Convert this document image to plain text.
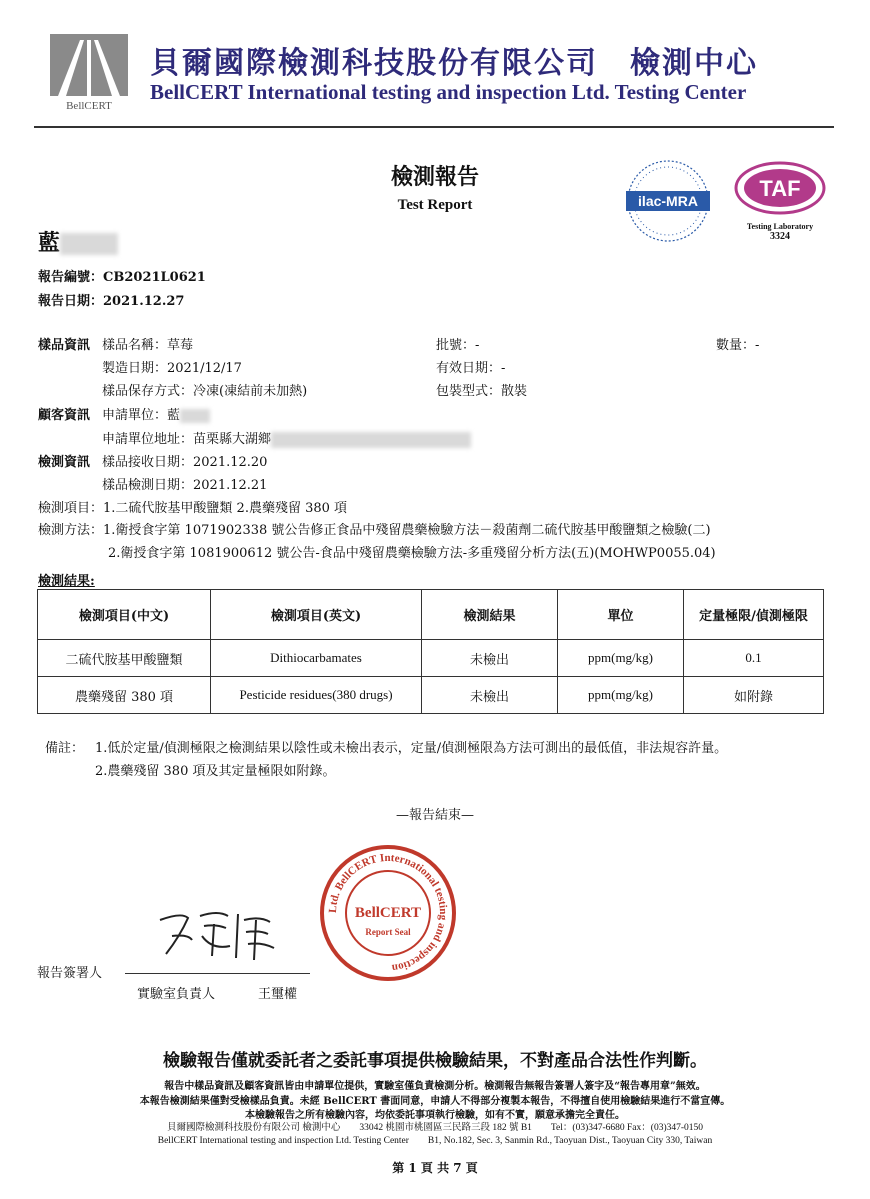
BellCERT
貝爾國際檢測科技股份有限公司　檢測中心
BellCERT International testing and inspection Ltd. Testing Center
檢測報告
Test Report	ilac-MRA	TAF
Testing Laboratory
3324
藍
報告編號：CB2021L0621
報告日期：2021.12.27
樣品資訊 樣品名稱：草莓	批號：-	數量：-
製造日期：2021/12/17	有效日期：-
樣品保存方式：冷凍(凍結前未加熱)	包裝型式：散裝
顧客資訊 申請單位：藍
申請單位地址：苗栗縣大湖鄉
檢測資訊 樣品接收日期：2021.12.20
樣品檢測日期：2021.12.21
檢測項目：1.二硫代胺基甲酸鹽類 2.農藥殘留 380 項
檢測方法：1.衛授食字第 1071902338 號公告修正食品中殘留農藥檢驗方法－殺菌劑二硫代胺基甲酸鹽類之檢驗(二)
2.衛授食字第 1081900612 號公告-食品中殘留農藥檢驗方法-多重殘留分析方法(五)(MOHWP0055.04)
檢測結果:
檢測項目(中文)	檢測項目(英文)	檢測結果	單位	定量極限/偵測極限
二硫代胺基甲酸鹽類	Dithiocarbamates	未檢出	ppm(mg/kg)	0.1
農藥殘留 380 項	Pesticide residues(380 drugs)	未檢出	ppm(mg/kg)	如附錄
備註： 1.低於定量/偵測極限之檢測結果以陰性或未檢出表示，定量/偵測極限為方法可測出的最低值，非法規容許量。
2.農藥殘留 380 項及其定量極限如附錄。
—報告結束—
Ltd. BellCERT International testing and inspection
BellCERT
Report Seal
報告簽署人
實驗室負責人	王璽權
檢驗報告僅就委託者之委託事項提供檢驗結果，不對產品合法性作判斷。
報告中樣品資訊及顧客資訊皆由申請單位提供，實驗室僅負責檢測分析。檢測報告無報告簽署人簽字及“報告專用章”無效。
本報告檢測結果僅對受檢樣品負責。未經 BellCERT 書面同意，申請人不得部分複製本報告，不得擅自使用檢驗結果進行不當宣傳。
本檢驗報告之所有檢驗內容，均依委託事項執行檢驗，如有不實，願意承擔完全責任。
貝爾國際檢測科技股份有限公司 檢測中心　　33042 桃園市桃園區三民路三段 182 號 B1　　Tel：(03)347-6680 Fax：(03)347-0150
BellCERT International testing and inspection Ltd. Testing Center　　B1, No.182, Sec. 3, Sanmin Rd., Taoyuan Dist., Taoyuan City 330, Taiwan
第 1 頁 共 7 頁
